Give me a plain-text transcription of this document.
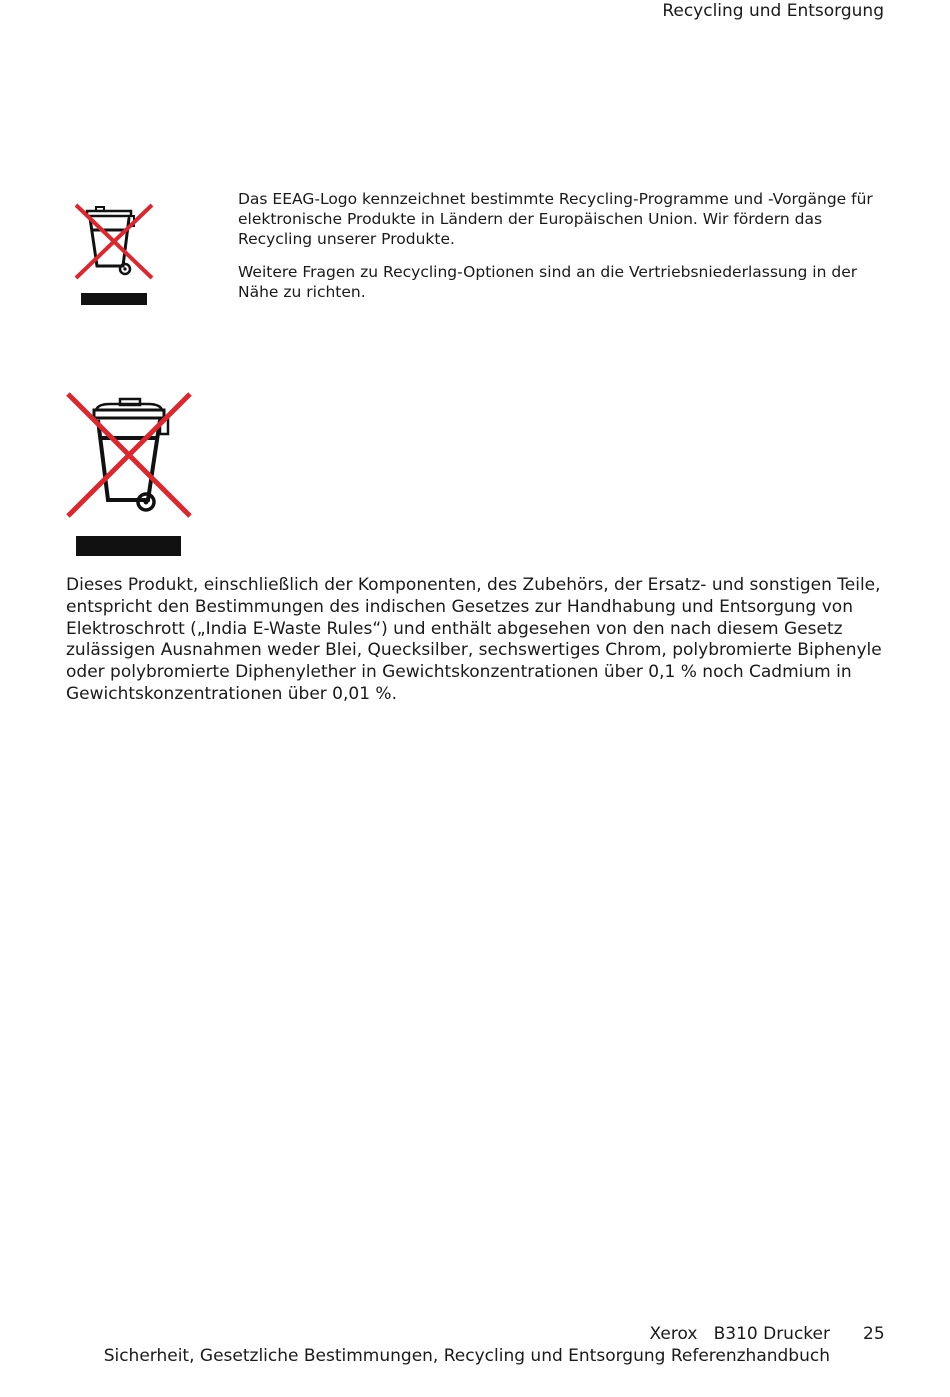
Recycling und Entsorgung

Das EEAG-Logo kennzeichnet bestimmte Recycling-Programme und -Vorgänge für elektronische Produkte in Ländern der Europäischen Union. Wir fördern das Recycling unserer Produkte.

Weitere Fragen zu Recycling-Optionen sind an die Vertriebsniederlassung in der Nähe zu richten.

Dieses Produkt, einschließlich der Komponenten, des Zubehörs, der Ersatz- und sonstigen Teile, entspricht den Bestimmungen des indischen Gesetzes zur Handhabung und Entsorgung von Elektroschrott („India E-Waste Rules“) und enthält abgesehen von den nach diesem Gesetz zulässigen Ausnahmen weder Blei, Quecksilber, sechswertiges Chrom, polybromierte Biphenyle oder polybromierte Diphenylether in Gewichtskonzentrationen über 0,1 % noch Cadmium in Gewichtskonzentrationen über 0,01 %.

Xerox   B310 Drucker
Sicherheit, Gesetzliche Bestimmungen, Recycling und Entsorgung Referenzhandbuch
25
